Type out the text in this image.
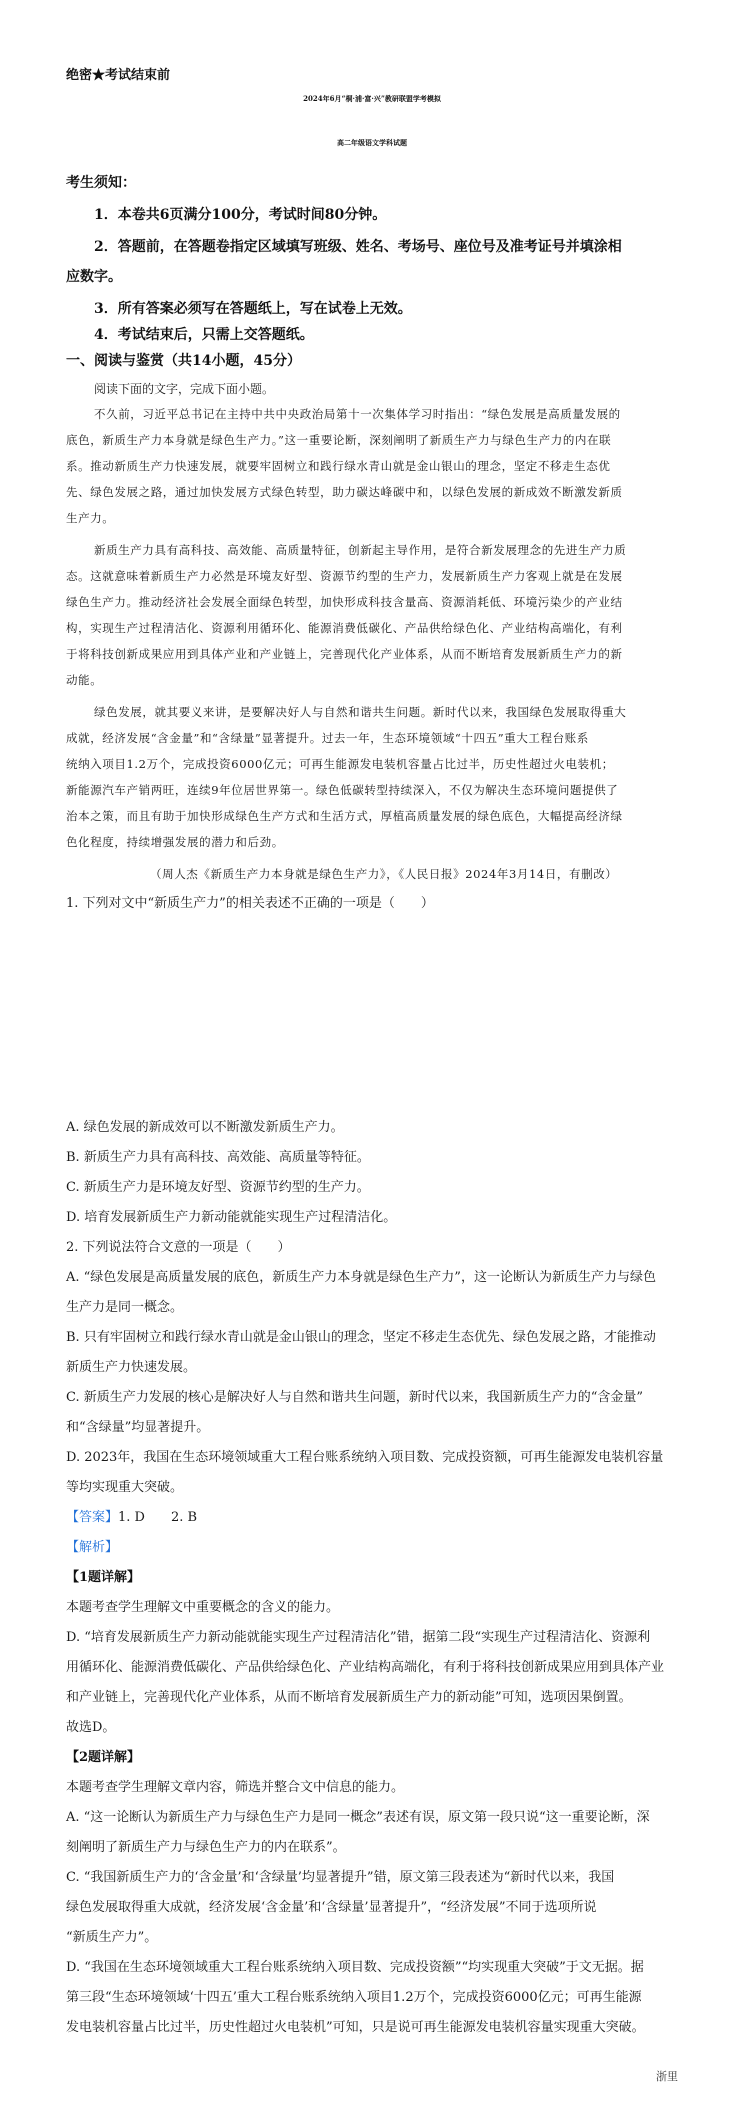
绝密★考试结束前
2024年6月“桐·浦·富·兴”教研联盟学考模拟
高二年级语文学科试题
考生须知：
1．本卷共6页满分100分，考试时间80分钟。
2．答题前，在答题卷指定区域填写班级、姓名、考场号、座位号及准考证号并填涂相
应数字。
3．所有答案必须写在答题纸上，写在试卷上无效。
4．考试结束后，只需上交答题纸。
一、阅读与鉴赏（共14小题，45分）
阅读下面的文字，完成下面小题。
不久前，习近平总书记在主持中共中央政治局第十一次集体学习时指出：“绿色发展是高质量发展的
底色，新质生产力本身就是绿色生产力。”这一重要论断，深刻阐明了新质生产力与绿色生产力的内在联
系。推动新质生产力快速发展，就要牢固树立和践行绿水青山就是金山银山的理念，坚定不移走生态优
先、绿色发展之路，通过加快发展方式绿色转型，助力碳达峰碳中和，以绿色发展的新成效不断激发新质
生产力。
新质生产力具有高科技、高效能、高质量特征，创新起主导作用，是符合新发展理念的先进生产力质
态。这就意味着新质生产力必然是环境友好型、资源节约型的生产力，发展新质生产力客观上就是在发展
绿色生产力。推动经济社会发展全面绿色转型，加快形成科技含量高、资源消耗低、环境污染少的产业结
构，实现生产过程清洁化、资源利用循环化、能源消费低碳化、产品供给绿色化、产业结构高端化，有利
于将科技创新成果应用到具体产业和产业链上，完善现代化产业体系，从而不断培育发展新质生产力的新
动能。
绿色发展，就其要义来讲，是要解决好人与自然和谐共生问题。新时代以来，我国绿色发展取得重大
成就，经济发展“含金量”和“含绿量”显著提升。过去一年，生态环境领域“十四五”重大工程台账系
统纳入项目1.2万个，完成投资6000亿元；可再生能源发电装机容量占比过半，历史性超过火电装机；
新能源汽车产销两旺，连续9年位居世界第一。绿色低碳转型持续深入，不仅为解决生态环境问题提供了
治本之策，而且有助于加快形成绿色生产方式和生活方式，厚植高质量发展的绿色底色，大幅提高经济绿
色化程度，持续增强发展的潜力和后劲。
（周人杰《新质生产力本身就是绿色生产力》，《人民日报》2024年3月14日，有删改）
1. 下列对文中“新质生产力”的相关表述不正确的一项是（　　）
A. 绿色发展的新成效可以不断激发新质生产力。
B. 新质生产力具有高科技、高效能、高质量等特征。
C. 新质生产力是环境友好型、资源节约型的生产力。
D. 培育发展新质生产力新动能就能实现生产过程清洁化。
2. 下列说法符合文意的一项是（　　）
A. “绿色发展是高质量发展的底色，新质生产力本身就是绿色生产力”，这一论断认为新质生产力与绿色
生产力是同一概念。
B. 只有牢固树立和践行绿水青山就是金山银山的理念，坚定不移走生态优先、绿色发展之路，才能推动
新质生产力快速发展。
C. 新质生产力发展的核心是解决好人与自然和谐共生问题，新时代以来，我国新质生产力的“含金量”
和“含绿量”均显著提升。
D. 2023年，我国在生态环境领域重大工程台账系统纳入项目数、完成投资额，可再生能源发电装机容量
等均实现重大突破。
【答案】1. D　　2. B
【解析】
【1题详解】
本题考查学生理解文中重要概念的含义的能力。
D. “培育发展新质生产力新动能就能实现生产过程清洁化”错，据第二段“实现生产过程清洁化、资源利
用循环化、能源消费低碳化、产品供给绿色化、产业结构高端化，有利于将科技创新成果应用到具体产业
和产业链上，完善现代化产业体系，从而不断培育发展新质生产力的新动能”可知，选项因果倒置。
故选D。
【2题详解】
本题考查学生理解文章内容，筛选并整合文中信息的能力。
A. “这一论断认为新质生产力与绿色生产力是同一概念”表述有误，原文第一段只说“这一重要论断，深
刻阐明了新质生产力与绿色生产力的内在联系”。
C. “我国新质生产力的‘含金量’和‘含绿量’均显著提升”错，原文第三段表述为“新时代以来，我国
绿色发展取得重大成就，经济发展‘含金量’和‘含绿量’显著提升”，“经济发展”不同于选项所说
“新质生产力”。
D. “我国在生态环境领域重大工程台账系统纳入项目数、完成投资额”“均实现重大突破”于文无据。据
第三段“生态环境领域‘十四五’重大工程台账系统纳入项目1.2万个，完成投资6000亿元；可再生能源
发电装机容量占比过半，历史性超过火电装机”可知，只是说可再生能源发电装机容量实现重大突破。
浙里
